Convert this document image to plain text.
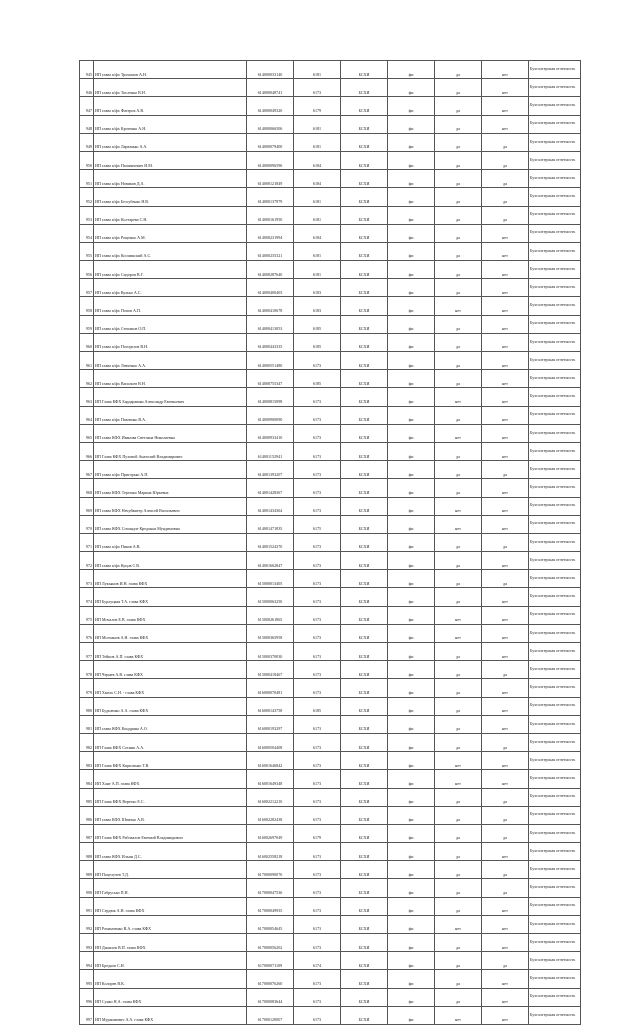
945	ИП глава к/фх Трохимов А.Н.	614000033140	6181	БСХИ	фи	да	нет	Бухгалтерская отчетность
946	ИП глава к/фх Тисленко В.Н.	614000048741	6173	БСХИ	фи	да	нет	Бухгалтерская отчетность
947	ИП глава к/фх Фатеров А.В.	614000049320	6179	БСХИ	фи	да	нет	Бухгалтерская отчетность
948	ИП глава к/фх Кротенко А.Н.	614000066506	6181	БСХИ	фи	да	нет	Бухгалтерская отчетность
949	ИП глава к/фх Ларюнько А.А.	614000079400	6181	БСХИ	фи	да	да	Бухгалтерская отчетность
950	ИП глава к/фх Пашинчевич И.М.	614000096596	6184	БСХИ	фи	да	да	Бухгалтерская отчетность
951	ИП глава к/фх Новиков Д.А.	614000121849	6184	БСХИ	фи	да	да	Бухгалтерская отчетность
952	ИП глава к/фх Безсубенко Н.В.	614000137979	6181	БСХИ	фи	да	да	Бухгалтерская отчетность
953	ИП глава к/фх Колтарева С.Н.	614000161950	6181	БСХИ	фи	да	да	Бухгалтерская отчетность
954	ИП глава к/фх Рощенко А.М.	614000231994	6184	БСХИ	фи	да	нет	Бухгалтерская отчетность
955	ИП глава к/фх Косминский А.С.	614000235321	6181	БСХИ	фи	да	нет	Бухгалтерская отчетность
956	ИП глава к/фх Сидоров В.Г.	614000287640	6181	БСХИ	фи	да	нет	Бухгалтерская отчетность
957	ИП глава к/фх Кулько А.С.	614000400403	6183	БСХИ	фи	да	нет	Бухгалтерская отчетность
958	ИП глава к/фх Попов А.П.	614000410678	6183	БСХИ	фи	нет	нет	Бухгалтерская отчетность
959	ИП глава к/фх Степанов О.П.	614000413053	6185	БСХИ	фи	да	нет	Бухгалтерская отчетность
960	ИП глава к/фх Погорелов В.Н.	614000443335	6185	БСХИ	фи	да	нет	Бухгалтерская отчетность
961	ИП глава к/фх Левченко А.А.	614000551480	6173	БСХИ	фи	да	нет	Бухгалтерская отчетность
962	ИП глава к/фх Васильев В.Н.	614000755347	6185	БСХИ	фи	да	нет	Бухгалтерская отчетность
963	ИП Глава КФХ Бардаржиян Александр Евгеньевич	614000815098	6173	БСХИ	фи	нет	нет	Бухгалтерская отчетность
964	ИП глава к/фх Павленко В.А.	614000900090	6173	БСХИ	фи	да	нет	Бухгалтерская отчетность
965	ИП глава КФХ Иванова Светлана Николаевна	614000933410	6173	БСХИ	фи	нет	нет	Бухгалтерская отчетность
966	ИП Глава КФХ Пуховой Анатолий Владимирович	614001152941	6173	БСХИ	фи	да	нет	Бухгалтерская отчетность
967	ИП глава к/фх Пригорько А.П.	614001393207	6173	БСХИ	фи	да	да	Бухгалтерская отчетность
968	ИП глава КФХ Терешко Марина Юрьевна	614001428367	6173	БСХИ	фи	да	нет	Бухгалтерская отчетность
969	ИП глава КФХ Нечуйвитер Алексей Васильевич	614001434364	6173	БСХИ	фи	нет	нет	Бухгалтерская отчетность
970	ИП глава КФХ Сочиндзе Кредонья Мундимовна	614001471835	6175	БСХИ	фи	нет	нет	Бухгалтерская отчетность
971	ИП глава к/фх Пиков А.В.	614001524370	6173	БСХИ	фи	да	да	Бухгалтерская отчетность
972	ИП глава к/фх Куцов С.В.	614001662847	6173	БСХИ	фи	да	нет	Бухгалтерская отчетность
973	ИП Лукьянов И.Н. глава КФХ	615000013405	6173	БСХИ	фи	да	да	Бухгалтерская отчетность
974	ИП Бурлуцкая Т.А. глава КФХ	615000063250	6173	БСХИ	фи	да	нет	Бухгалтерская отчетность
975	ИП Мочалов Е.В. глава КФХ	615000261865	6173	БСХИ	фи	нет	нет	Бухгалтерская отчетность
976	ИП Молчанов А.Н. глава КФХ	615000365958	6173	БСХИ	фи	нет	нет	Бухгалтерская отчетность
977	ИП Тейнов А.П. глава КФХ	615000370030	6173	БСХИ	фи	да	нет	Бухгалтерская отчетность
978	ИП Чернев А.В. глава КФХ	615000418467	6173	БСХИ	фи	да	да	Бухгалтерская отчетность
979	ИП Хмель С.Н. - глава КФХ	616000070481	6173	БСХИ	фи	да	нет	Бухгалтерская отчетность
980	ИП Будьченко А.А. глава КФХ	616000143758	6185	БСХИ	фи	да	нет	Бухгалтерская отчетность
981	ИП глава КФХ Кондрина А.О.	616000193297	6173	БСХИ	фи	да	нет	Бухгалтерская отчетность
982	ИП Глава КФХ Сотник А.А.	616000504408	6173	БСХИ	фи	да	да	Бухгалтерская отчетность
983	ИП Глава КФХ Кириленко Т.В.	616001646842	6173	БСХИ	фи	нет	нет	Бухгалтерская отчетность
984	ИП Хант А.П. глава КФХ	616001649348	6173	БСХИ	фи	нет	нет	Бухгалтерская отчетность
985	ИП Глава КФХ Веретко Е.С.	616002212210	6173	БСХИ	фи	да	да	Бухгалтерская отчетность
986	ИП глава КФХ Шпичко А.В.	616002282438	6173	БСХИ	фи	да	да	Бухгалтерская отчетность
987	ИП Глава КФХ Рабовалов Евгений Владимирович	616002697049	6179	БСХИ	фи	да	да	Бухгалтерская отчетность
988	ИП глава КФХ Ильин Д.С.	616002558218	6173	БСХИ	фи	да	нет	Бухгалтерская отчетность
989	ИП Поцелучев Т.Д.	617000090076	6173	БСХИ	фи	да	да	Бухгалтерская отчетность
990	ИП Габрусько П.Н.	617000047536	6173	БСХИ	фи	да	да	Бухгалтерская отчетность
991	ИП Сердюк А.Н. глава КФХ	617000049935	6173	БСХИ	фи	да	нет	Бухгалтерская отчетность
992	ИП Романченко В.А. глава КФХ	617000054645	6173	БСХИ	фи	нет	нет	Бухгалтерская отчетность
993	ИП Данилов В.П. глава КФХ	617000056202	6173	БСХИ	фи	да	нет	Бухгалтерская отчетность
994	ИП Бредков С.Н.	617000071109	6174	БСХИ	фи	да	да	Бухгалтерская отчетность
995	ИП Колорев В.К.	617000076260	6173	БСХИ	фи	да	нет	Бухгалтерская отчетность
996	ИП Сунко Н.А. глава КФХ	617000083644	6173	БСХИ	фи	да	нет	Бухгалтерская отчетность
997	ИП Мурашкевич А.А. глава КФХ	617000120007	6173	БСХИ	фи	нет	нет	Бухгалтерская отчетность
